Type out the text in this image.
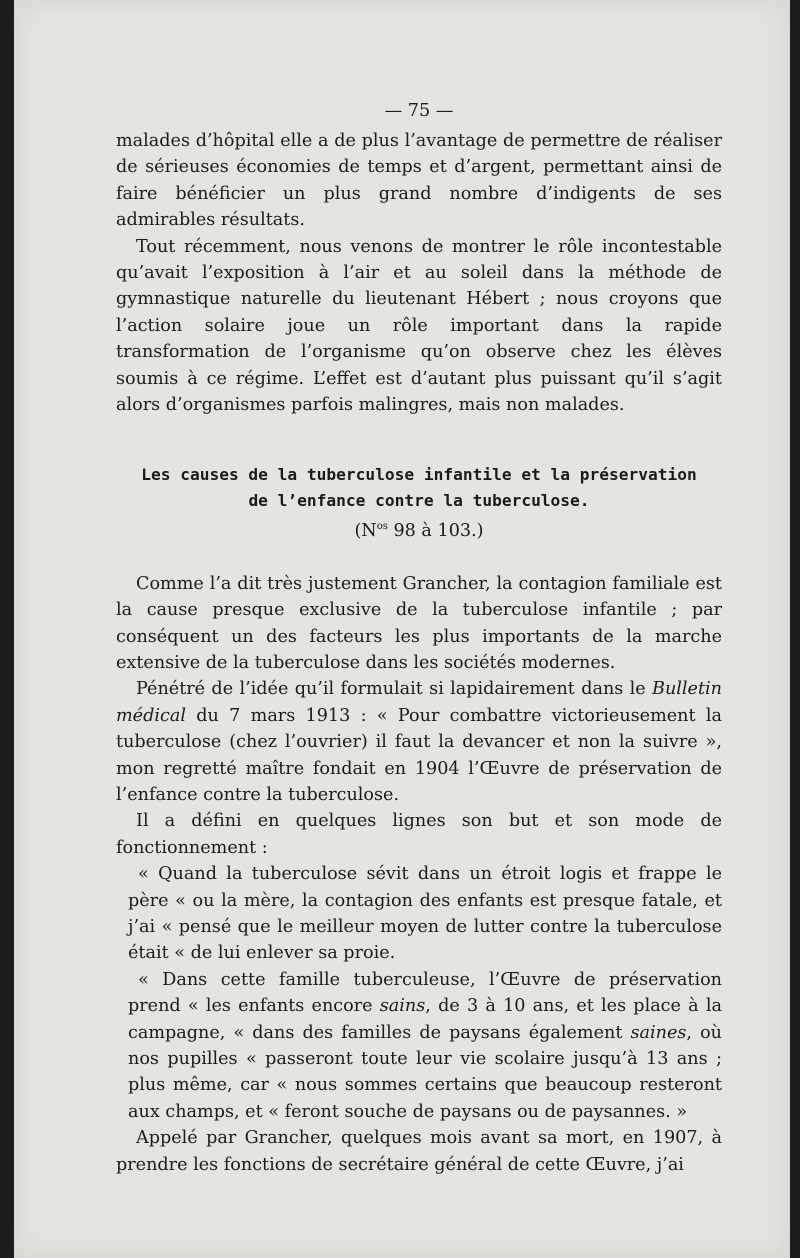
— 75 —

malades d’hôpital elle a de plus l’avantage de permettre de réaliser de sérieuses économies de temps et d’argent, permettant ainsi de faire bénéficier un plus grand nombre d’indigents de ses admirables résultats.

Tout récemment, nous venons de montrer le rôle incontestable qu’avait l’exposition à l’air et au soleil dans la méthode de gymnastique naturelle du lieutenant Hébert ; nous croyons que l’action solaire joue un rôle important dans la rapide transformation de l’organisme qu’on observe chez les élèves soumis à ce régime. L’effet est d’autant plus puissant qu’il s’agit alors d’organismes parfois malingres, mais non malades.

Les causes de la tuberculose infantile et la préservation
de l’enfance contre la tuberculose.
($N^{os}$ 98 à 103.)

Comme l’a dit très justement Grancher, la contagion familiale est la cause presque exclusive de la tuberculose infantile ; par conséquent un des facteurs les plus importants de la marche extensive de la tuberculose dans les sociétés modernes.

Pénétré de l’idée qu’il formulait si lapidairement dans le Bulletin médical du 7 mars 1913 : « Pour combattre victorieusement la tuberculose (chez l’ouvrier) il faut la devancer et non la suivre », mon regretté maître fondait en 1904 l’Œuvre de préservation de l’enfance contre la tuberculose.

Il a défini en quelques lignes son but et son mode de fonctionnement :

« Quand la tuberculose sévit dans un étroit logis et frappe le père « ou la mère, la contagion des enfants est presque fatale, et j’ai « pensé que le meilleur moyen de lutter contre la tuberculose était « de lui enlever sa proie.

« Dans cette famille tuberculeuse, l’Œuvre de préservation prend « les enfants encore sains, de 3 à 10 ans, et les place à la campagne, « dans des familles de paysans également saines, où nos pupilles « passeront toute leur vie scolaire jusqu’à 13 ans ; plus même, car « nous sommes certains que beaucoup resteront aux champs, et « feront souche de paysans ou de paysannes. »

Appelé par Grancher, quelques mois avant sa mort, en 1907, à prendre les fonctions de secrétaire général de cette Œuvre, j’ai
